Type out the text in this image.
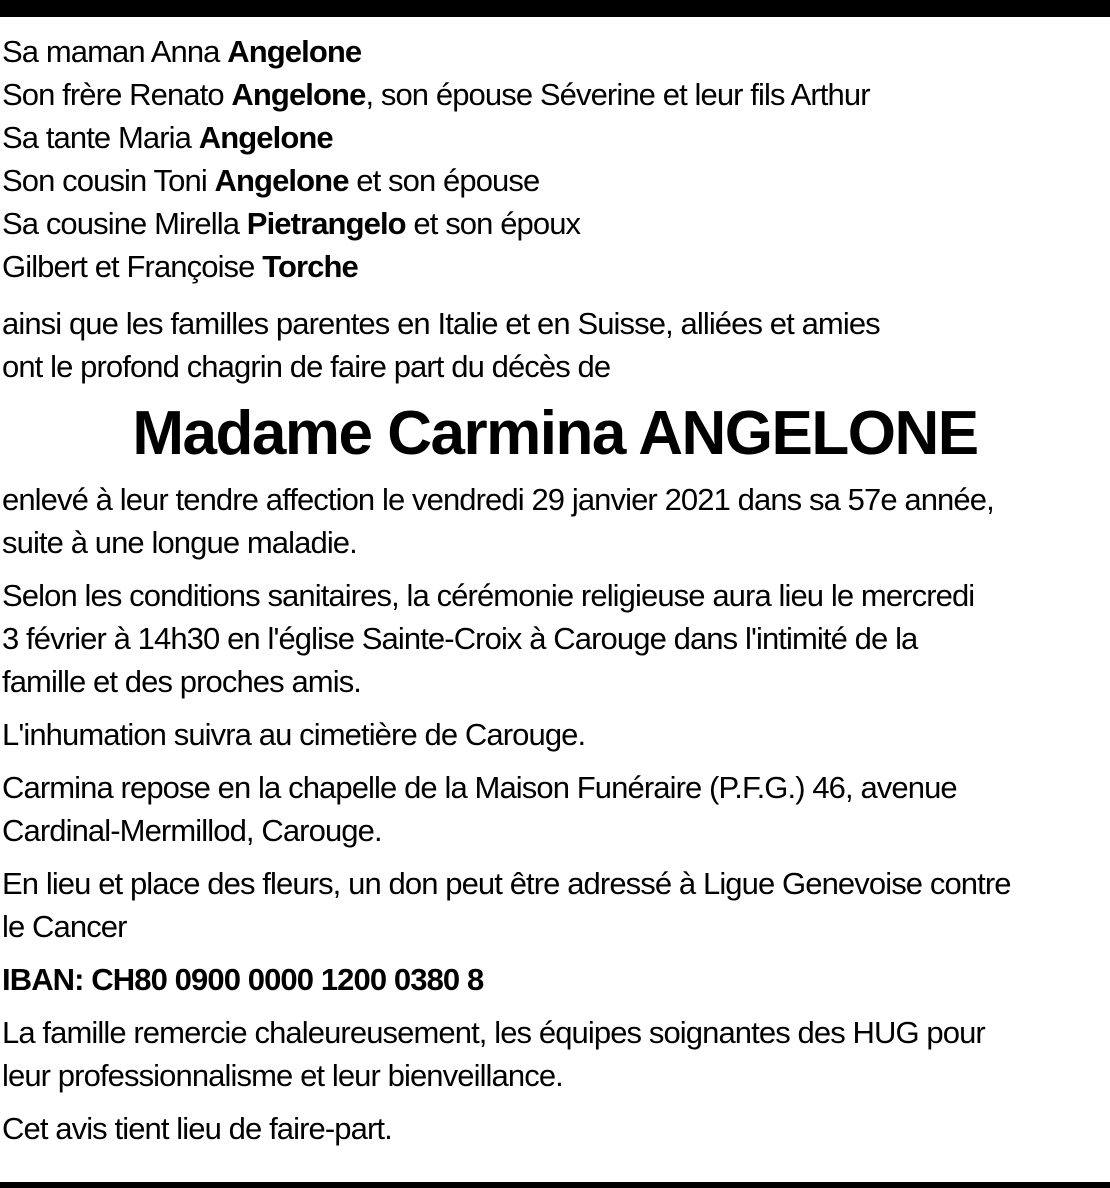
Sa maman Anna Angelone
Son frère Renato Angelone, son épouse Séverine et leur fils Arthur
Sa tante Maria Angelone
Son cousin Toni Angelone et son épouse
Sa cousine Mirella Pietrangelo et son époux
Gilbert et Françoise Torche
ainsi que les familles parentes en Italie et en Suisse, alliées et amies
ont le profond chagrin de faire part du décès de
Madame Carmina ANGELONE
enlevé à leur tendre affection le vendredi 29 janvier 2021 dans sa 57e année,
suite à une longue maladie.
Selon les conditions sanitaires, la cérémonie religieuse aura lieu le mercredi
3 février à 14h30 en l'église Sainte-Croix à Carouge dans l'intimité de la
famille et des proches amis.
L'inhumation suivra au cimetière de Carouge.
Carmina repose en la chapelle de la Maison Funéraire (P.F.G.) 46, avenue
Cardinal-Mermillod, Carouge.
En lieu et place des fleurs, un don peut être adressé à Ligue Genevoise contre
le Cancer
IBAN: CH80 0900 0000 1200 0380 8
La famille remercie chaleureusement, les équipes soignantes des HUG pour
leur professionnalisme et leur bienveillance.
Cet avis tient lieu de faire-part.
